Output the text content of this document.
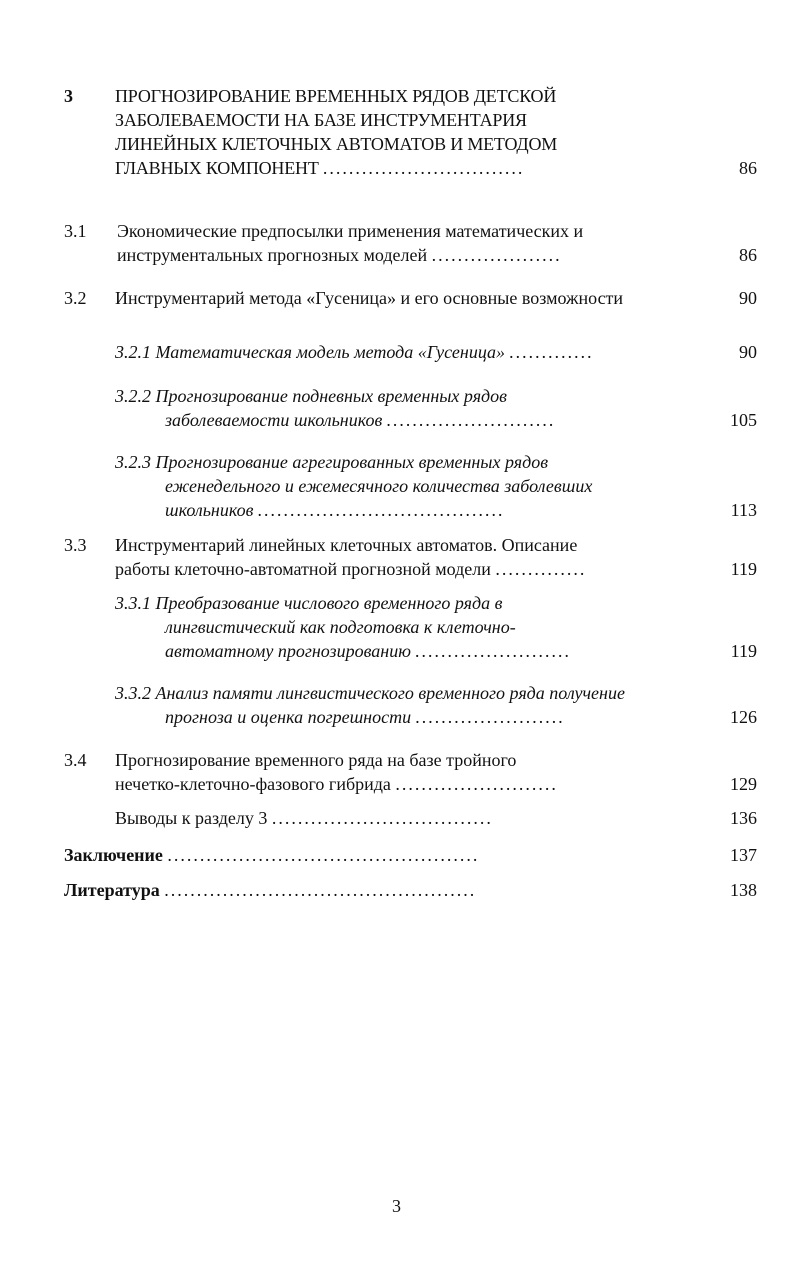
3 ПРОГНОЗИРОВАНИЕ ВРЕМЕННЫХ РЯДОВ ДЕТСКОЙ
ЗАБОЛЕВАЕМОСТИ НА БАЗЕ ИНСТРУМЕНТАРИЯ
ЛИНЕЙНЫХ КЛЕТОЧНЫХ АВТОМАТОВ И МЕТОДОМ
ГЛАВНЫХ КОМПОНЕНТ ...............................	86
3.1 Экономические предпосылки применения математических и
инструментальных прогнозных моделей ....................	86
3.2 Инструментарий метода «Гусеница» и его основные возможности	90
3.2.1 Математическая модель метода «Гусеница» .............	90
3.2.2 Прогнозирование подневных временных рядов
заболеваемости школьников ..........................	105
3.2.3 Прогнозирование агрегированных временных рядов
еженедельного и ежемесячного количества заболевших
школьников ......................................	113
3.3 Инструментарий линейных клеточных автоматов. Описание
работы клеточно-автоматной прогнозной модели ..............	119
3.3.1 Преобразование числового временного ряда в
лингвистический как подготовка к клеточно-
автоматному прогнозированию ........................	119
3.3.2 Анализ памяти лингвистического временного ряда получение
прогноза и оценка погрешности .......................	126
3.4 Прогнозирование временного ряда на базе тройного
нечетко-клеточно-фазового гибрида .........................	129
Выводы к разделу 3 ..................................	136
Заключение ................................................	137
Литература ................................................	138
3
